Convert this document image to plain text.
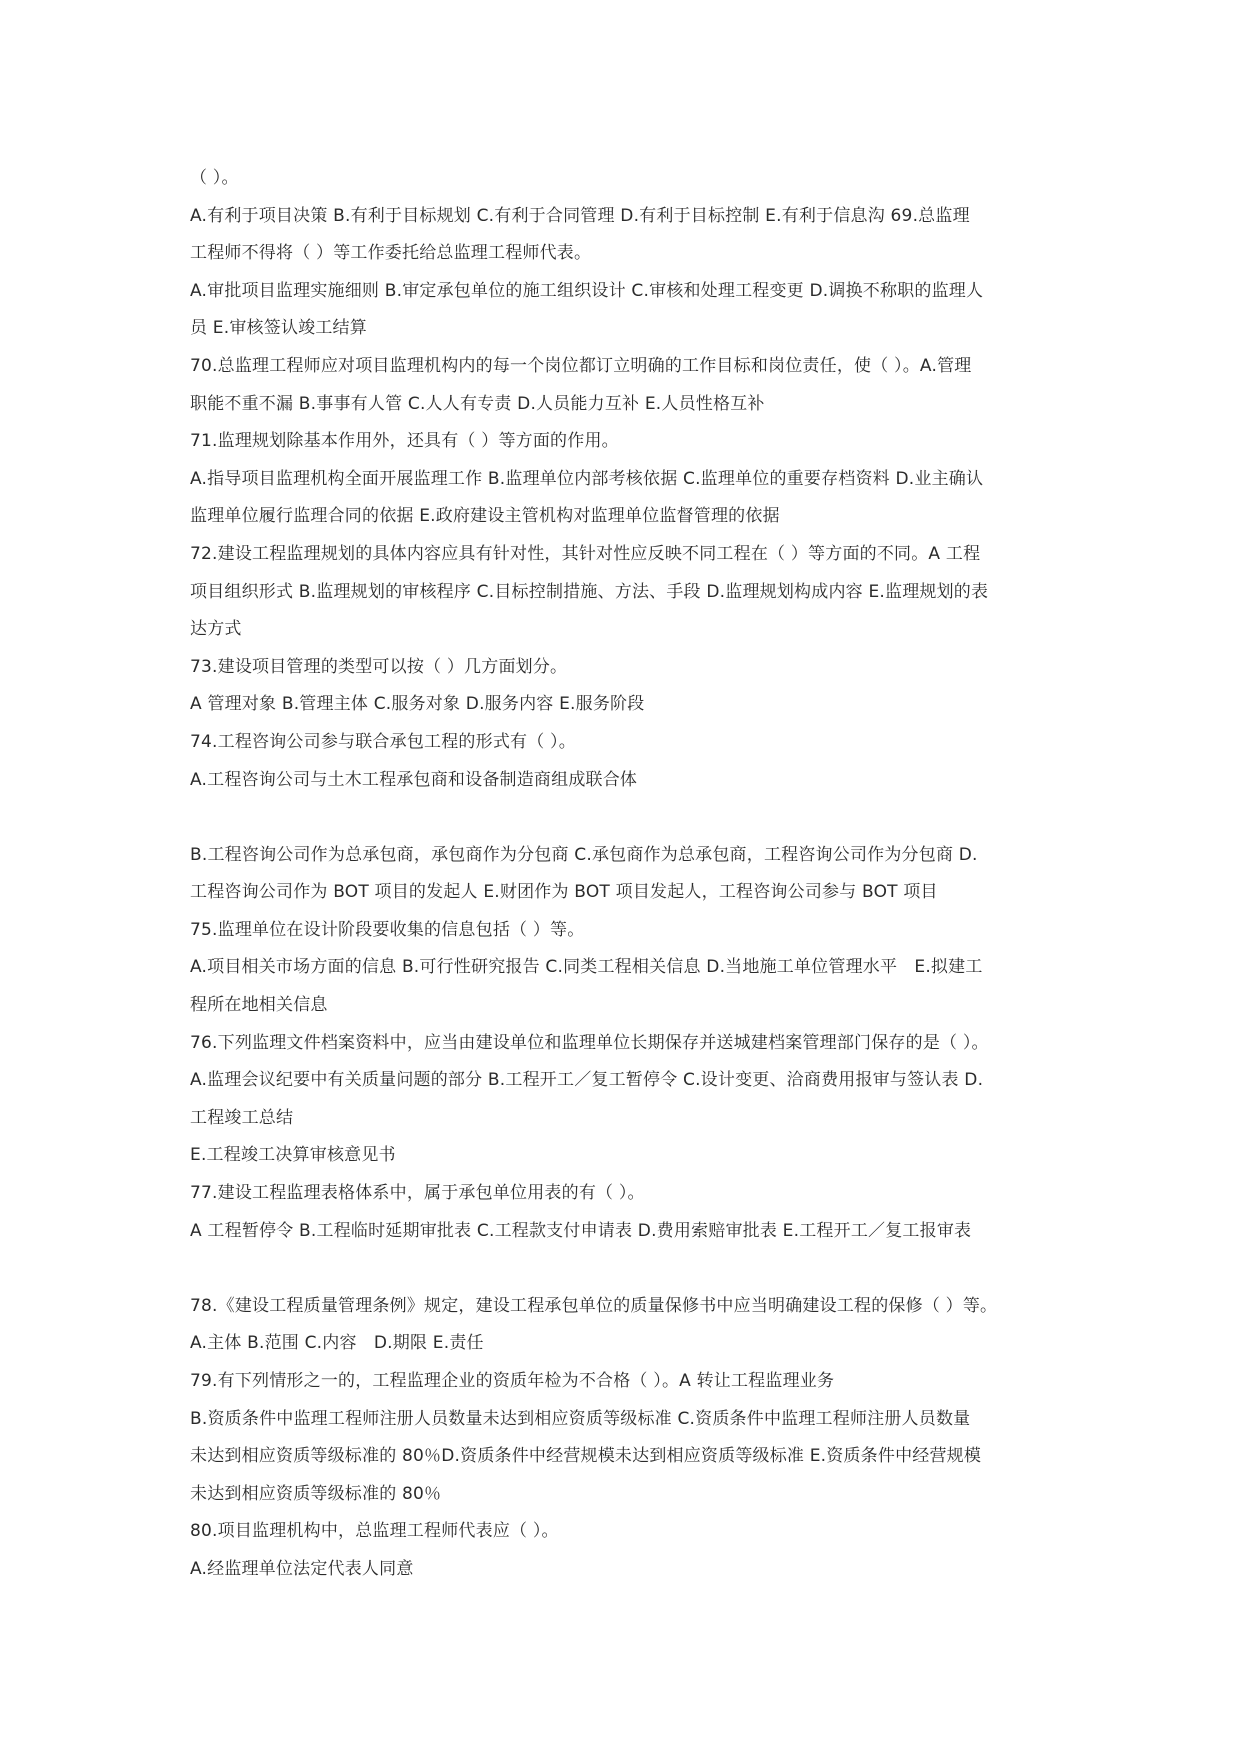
（ ）。
A.有利于项目决策 B.有利于目标规划 C.有利于合同管理 D.有利于目标控制 E.有利于信息沟 69.总监理
工程师不得将（ ）等工作委托给总监理工程师代表。
A.审批项目监理实施细则 B.审定承包单位的施工组织设计 C.审核和处理工程变更 D.调换不称职的监理人
员 E.审核签认竣工结算
70.总监理工程师应对项目监理机构内的每一个岗位都订立明确的工作目标和岗位责任，使（ ）。A.管理
职能不重不漏 B.事事有人管 C.人人有专责 D.人员能力互补 E.人员性格互补
71.监理规划除基本作用外，还具有（ ）等方面的作用。
A.指导项目监理机构全面开展监理工作 B.监理单位内部考核依据 C.监理单位的重要存档资料 D.业主确认
监理单位履行监理合同的依据 E.政府建设主管机构对监理单位监督管理的依据
72.建设工程监理规划的具体内容应具有针对性，其针对性应反映不同工程在（ ）等方面的不同。A 工程
项目组织形式 B.监理规划的审核程序 C.目标控制措施、方法、手段 D.监理规划构成内容 E.监理规划的表
达方式
73.建设项目管理的类型可以按（ ）几方面划分。
A 管理对象 B.管理主体 C.服务对象 D.服务内容 E.服务阶段
74.工程咨询公司参与联合承包工程的形式有（ ）。
A.工程咨询公司与土木工程承包商和设备制造商组成联合体
B.工程咨询公司作为总承包商，承包商作为分包商 C.承包商作为总承包商，工程咨询公司作为分包商 D.
工程咨询公司作为 BOT 项目的发起人 E.财团作为 BOT 项目发起人，工程咨询公司参与 BOT 项目
75.监理单位在设计阶段要收集的信息包括（ ）等。
A.项目相关市场方面的信息 B.可行性研究报告 C.同类工程相关信息 D.当地施工单位管理水平　E.拟建工
程所在地相关信息
76.下列监理文件档案资料中，应当由建设单位和监理单位长期保存并送城建档案管理部门保存的是（ ）。
A.监理会议纪要中有关质量问题的部分 B.工程开工／复工暂停令 C.设计变更、洽商费用报审与签认表 D.
工程竣工总结
E.工程竣工决算审核意见书
77.建设工程监理表格体系中，属于承包单位用表的有（ ）。
A 工程暂停令 B.工程临时延期审批表 C.工程款支付申请表 D.费用索赔审批表 E.工程开工／复工报审表
78.《建设工程质量管理条例》规定，建设工程承包单位的质量保修书中应当明确建设工程的保修（ ）等。
A.主体 B.范围 C.内容　D.期限 E.责任
79.有下列情形之一的，工程监理企业的资质年检为不合格（ ）。A 转让工程监理业务
B.资质条件中监理工程师注册人员数量未达到相应资质等级标准 C.资质条件中监理工程师注册人员数量
未达到相应资质等级标准的 80％D.资质条件中经营规模未达到相应资质等级标准 E.资质条件中经营规模
未达到相应资质等级标准的 80％
80.项目监理机构中，总监理工程师代表应（ ）。
A.经监理单位法定代表人同意
